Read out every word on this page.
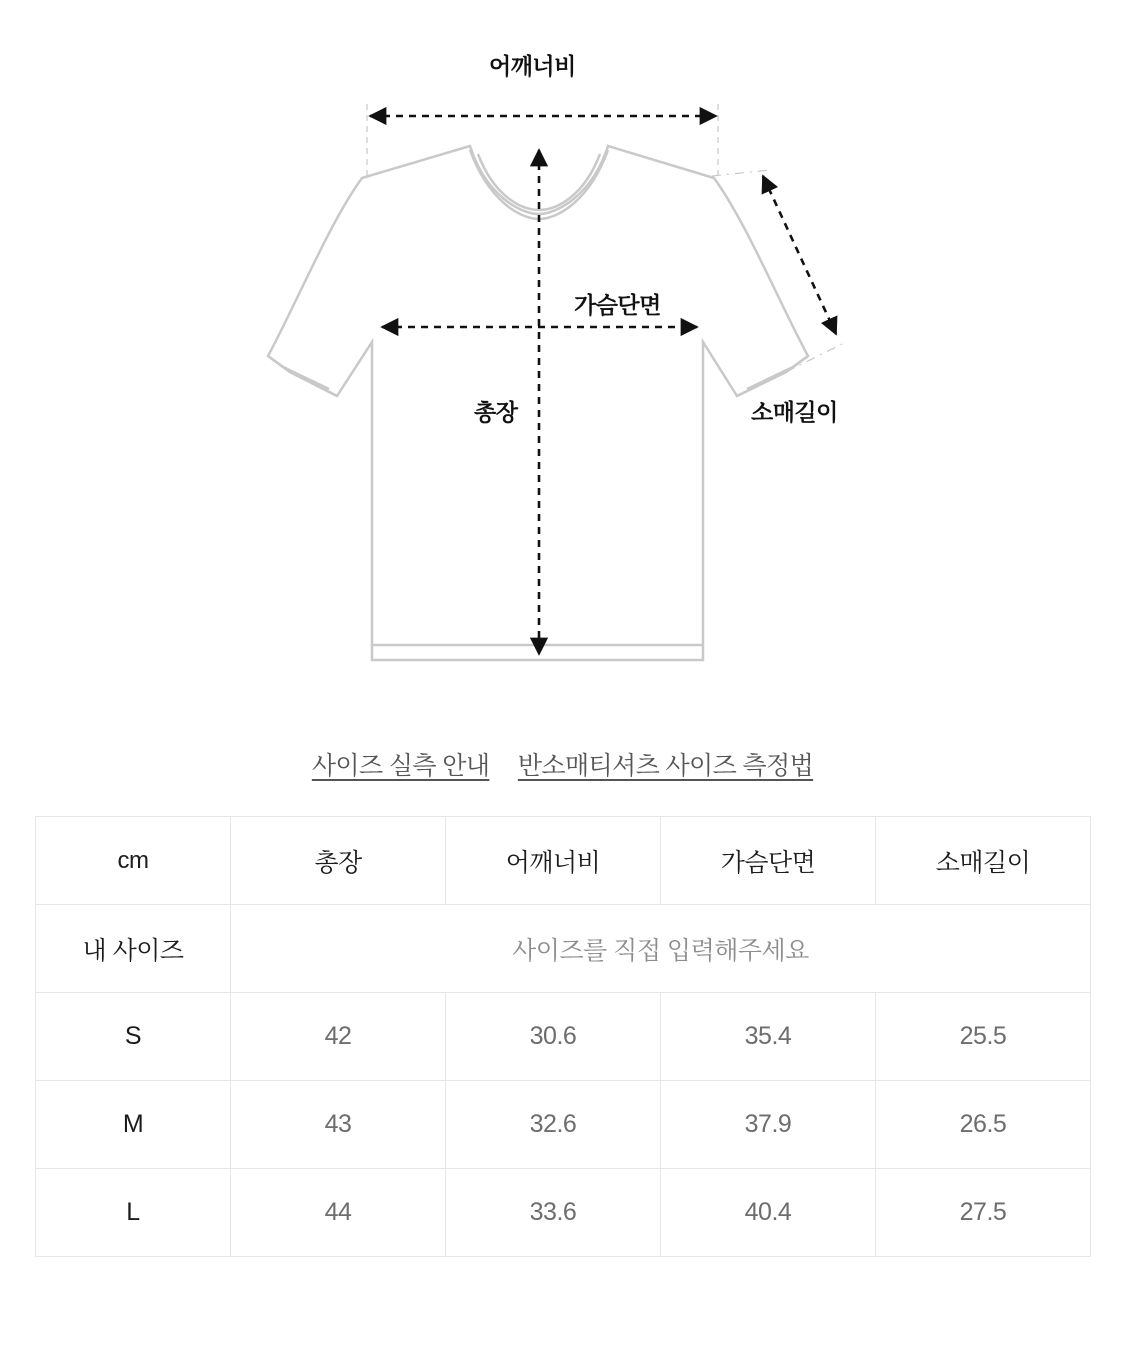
어깨너비
가슴단면
총장	소매길이
사이즈 실측 안내 반소매티셔츠 사이즈 측정법
cm	총장	어깨너비	가슴단면	소매길이
내 사이즈	사이즈를 직접 입력해주세요			
S	42	30.6	35.4	25.5
M	43	32.6	37.9	26.5
L	44	33.6	40.4	27.5
